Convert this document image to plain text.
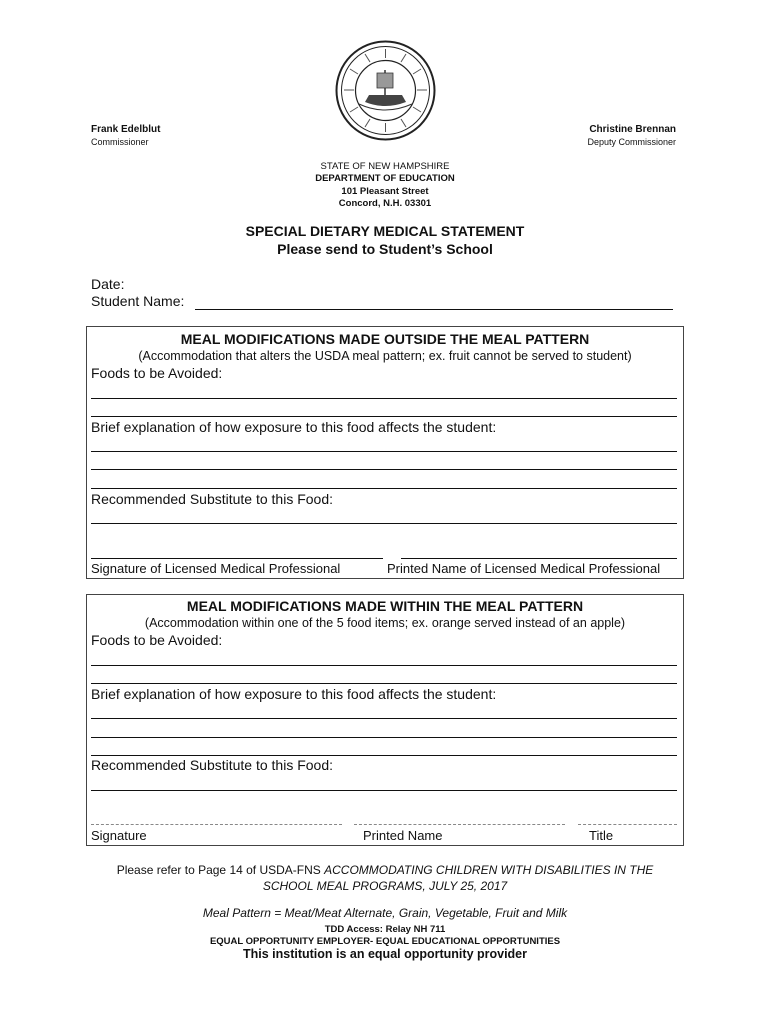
Frank Edelblut
Commissioner
Christine Brennan
Deputy Commissioner
STATE OF NEW HAMPSHIRE
DEPARTMENT OF EDUCATION
101 Pleasant Street
Concord, N.H. 03301
SPECIAL DIETARY MEDICAL STATEMENT
Please send to Student’s School
Date:
Student Name:
MEAL MODIFICATIONS MADE OUTSIDE THE MEAL PATTERN
(Accommodation that alters the USDA meal pattern; ex. fruit cannot be served to student)
Foods to be Avoided:
Brief explanation of how exposure to this food affects the student:
Recommended Substitute to this Food:
Signature of Licensed Medical Professional	Printed Name of Licensed Medical Professional
MEAL MODIFICATIONS MADE WITHIN THE MEAL PATTERN
(Accommodation within one of the 5 food items; ex. orange served instead of an apple)
Foods to be Avoided:
Brief explanation of how exposure to this food affects the student:
Recommended Substitute to this Food:
Signature	Printed Name	Title
Please refer to Page 14 of USDA-FNS ACCOMMODATING CHILDREN WITH DISABILITIES IN THE
SCHOOL MEAL PROGRAMS, JULY 25, 2017
Meal Pattern = Meat/Meat Alternate, Grain, Vegetable, Fruit and Milk
TDD Access: Relay NH 711
EQUAL OPPORTUNITY EMPLOYER- EQUAL EDUCATIONAL OPPORTUNITIES
This institution is an equal opportunity provider
